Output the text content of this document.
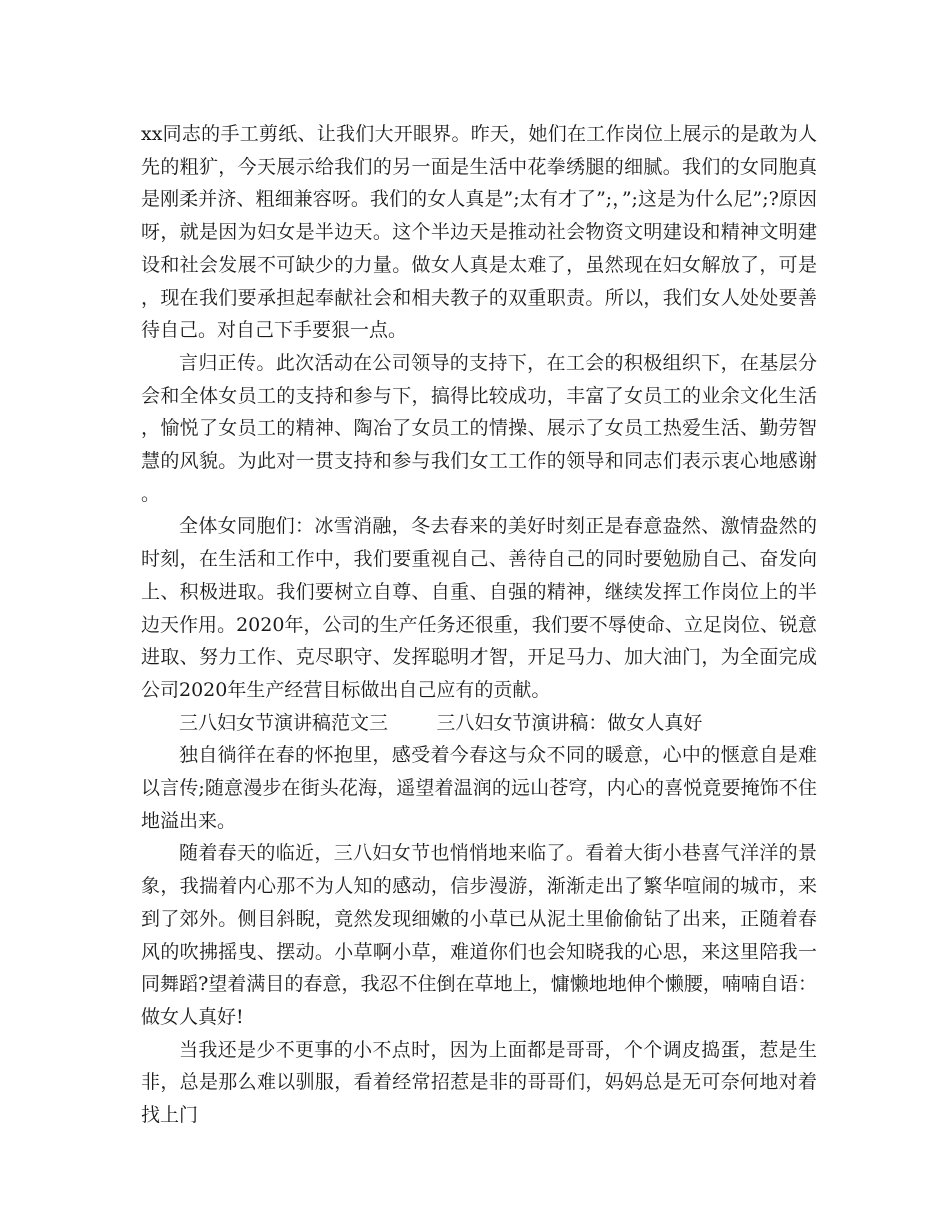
xx同志的手工剪纸、让我们大开眼界。昨天，她们在工作岗位上展示的是敢为人先的粗犷，今天展示给我们的另一面是生活中花拳绣腿的细腻。我们的女同胞真是刚柔并济、粗细兼容呀。我们的女人真是”;太有才了”;，”;这是为什么尼”;?原因呀，就是因为妇女是半边天。这个半边天是推动社会物资文明建设和精神文明建设和社会发展不可缺少的力量。做女人真是太难了，虽然现在妇女解放了，可是，现在我们要承担起奉献社会和相夫教子的双重职责。所以，我们女人处处要善待自己。对自己下手要狠一点。

言归正传。此次活动在公司领导的支持下，在工会的积极组织下，在基层分会和全体女员工的支持和参与下，搞得比较成功，丰富了女员工的业余文化生活，愉悦了女员工的精神、陶冶了女员工的情操、展示了女员工热爱生活、勤劳智慧的风貌。为此对一贯支持和参与我们女工工作的领导和同志们表示衷心地感谢。

全体女同胞们：冰雪消融，冬去春来的美好时刻正是春意盎然、激情盎然的时刻，在生活和工作中，我们要重视自己、善待自己的同时要勉励自己、奋发向上、积极进取。我们要树立自尊、自重、自强的精神，继续发挥工作岗位上的半边天作用。2020年，公司的生产任务还很重，我们要不辱使命、立足岗位、锐意进取、努力工作、克尽职守、发挥聪明才智，开足马力、加大油门，为全面完成公司2020年生产经营目标做出自己应有的贡献。

三八妇女节演讲稿范文三	三八妇女节演讲稿：做女人真好

独自徜徉在春的怀抱里，感受着今春这与众不同的暖意，心中的惬意自是难以言传;随意漫步在街头花海，遥望着温润的远山苍穹，内心的喜悦竟要掩饰不住地溢出来。

随着春天的临近，三八妇女节也悄悄地来临了。看着大街小巷喜气洋洋的景象，我揣着内心那不为人知的感动，信步漫游，渐渐走出了繁华喧闹的城市，来到了郊外。侧目斜睨，竟然发现细嫩的小草已从泥土里偷偷钻了出来，正随着春风的吹拂摇曳、摆动。小草啊小草，难道你们也会知晓我的心思，来这里陪我一同舞蹈?望着满目的春意，我忍不住倒在草地上，慵懒地地伸个懒腰，喃喃自语：做女人真好!

当我还是少不更事的小不点时，因为上面都是哥哥，个个调皮捣蛋，惹是生非，总是那么难以驯服，看着经常招惹是非的哥哥们，妈妈总是无可奈何地对着找上门
